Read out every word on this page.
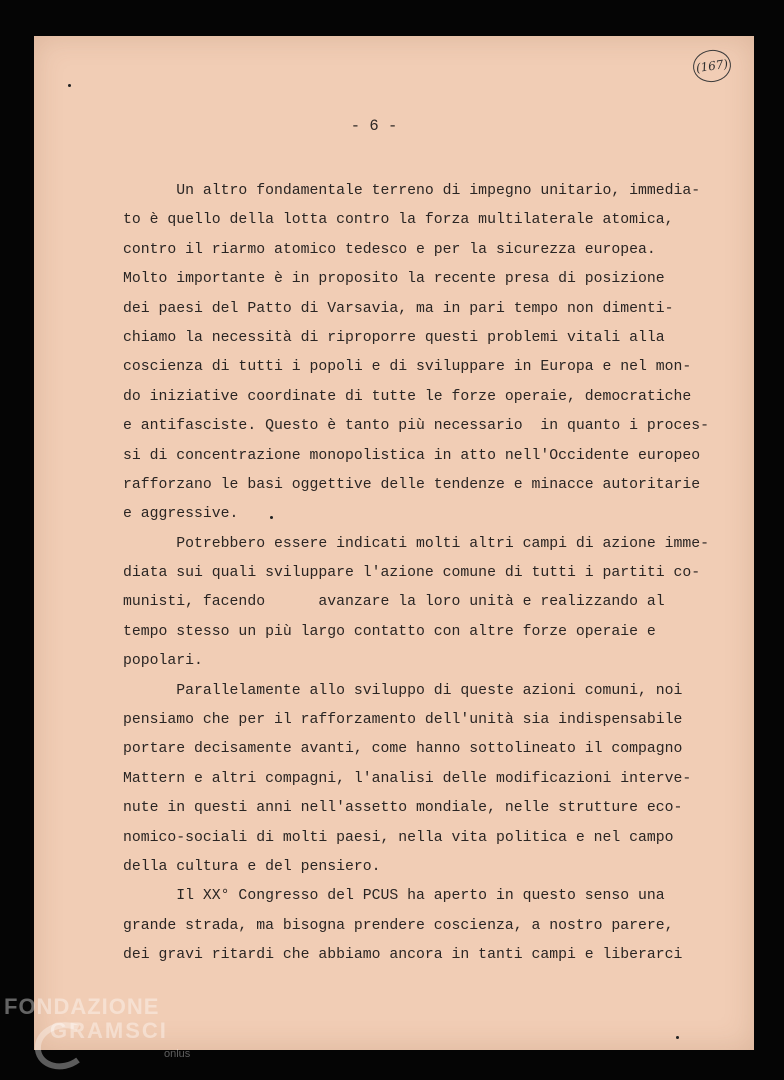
(167)
- 6 -
Un altro fondamentale terreno di impegno unitario, immedia-
to è quello della lotta contro la forza multilaterale atomica,
contro il riarmo atomico tedesco e per la sicurezza europea.
Molto importante è in proposito la recente presa di posizione
dei paesi del Patto di Varsavia, ma in pari tempo non dimenti-
chiamo la necessità di riproporre questi problemi vitali alla
coscienza di tutti i popoli e di sviluppare in Europa e nel mon-
do iniziative coordinate di tutte le forze operaie, democratiche
e antifasciste. Questo è tanto più necessario  in quanto i proces-
si di concentrazione monopolistica in atto nell'Occidente europeo
rafforzano le basi oggettive delle tendenze e minacce autoritarie
e aggressive.
Potrebbero essere indicati molti altri campi di azione imme-
diata sui quali sviluppare l'azione comune di tutti i partiti co-
munisti, facendo      avanzare la loro unità e realizzando al
tempo stesso un più largo contatto con altre forze operaie e
popolari.
Parallelamente allo sviluppo di queste azioni comuni, noi
pensiamo che per il rafforzamento dell'unità sia indispensabile
portare decisamente avanti, come hanno sottolineato il compagno
Mattern e altri compagni, l'analisi delle modificazioni interve-
nute in questi anni nell'assetto mondiale, nelle strutture eco-
nomico-sociali di molti paesi, nella vita politica e nel campo
della cultura e del pensiero.
Il XX° Congresso del PCUS ha aperto in questo senso una
grande strada, ma bisogna prendere coscienza, a nostro parere,
dei gravi ritardi che abbiamo ancora in tanti campi e liberarci
FONDAZIONE
GRAMSCI
onlus
